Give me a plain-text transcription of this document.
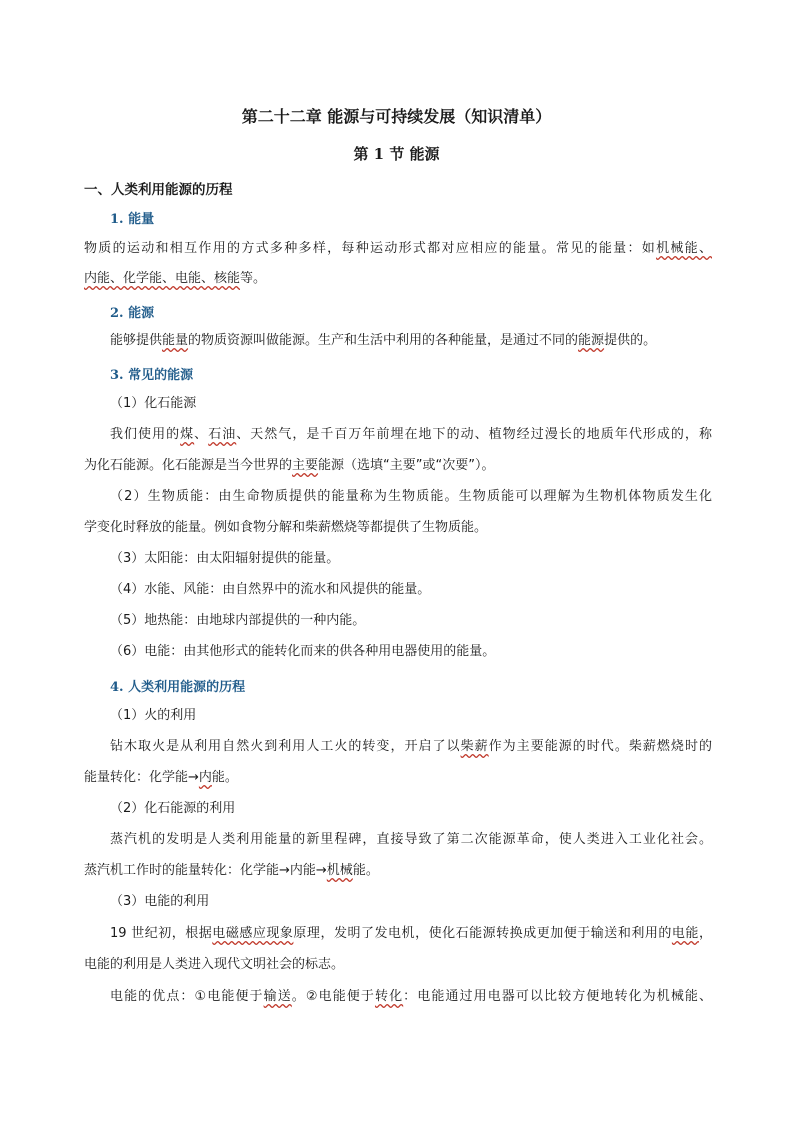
第二十二章 能源与可持续发展（知识清单）
第 1 节 能源
一、人类利用能源的历程
1. 能量
物质的运动和相互作用的方式多种多样，每种运动形式都对应相应的能量。常见的能量：如机械能、
内能、化学能、电能、核能等。
2. 能源
能够提供能量的物质资源叫做能源。生产和生活中利用的各种能量，是通过不同的能源提供的。
3. 常见的能源
（1）化石能源
我们使用的煤、石油、天然气，是千百万年前埋在地下的动、植物经过漫长的地质年代形成的，称
为化石能源。化石能源是当今世界的主要能源（选填“主要”或“次要”）。
（2）生物质能：由生命物质提供的能量称为生物质能。生物质能可以理解为生物机体物质发生化
学变化时释放的能量。例如食物分解和柴薪燃烧等都提供了生物质能。
（3）太阳能：由太阳辐射提供的能量。
（4）水能、风能：由自然界中的流水和风提供的能量。
（5）地热能：由地球内部提供的一种内能。
（6）电能：由其他形式的能转化而来的供各种用电器使用的能量。
4. 人类利用能源的历程
（1）火的利用
钻木取火是从利用自然火到利用人工火的转变，开启了以柴薪作为主要能源的时代。柴薪燃烧时的
能量转化：化学能→内能。
（2）化石能源的利用
蒸汽机的发明是人类利用能量的新里程碑，直接导致了第二次能源革命，使人类进入工业化社会。
蒸汽机工作时的能量转化：化学能→内能→机械能。
（3）电能的利用
19 世纪初，根据电磁感应现象原理，发明了发电机，使化石能源转换成更加便于输送和利用的电能，
电能的利用是人类进入现代文明社会的标志。
电能的优点：①电能便于输送。②电能便于转化：电能通过用电器可以比较方便地转化为机械能、
